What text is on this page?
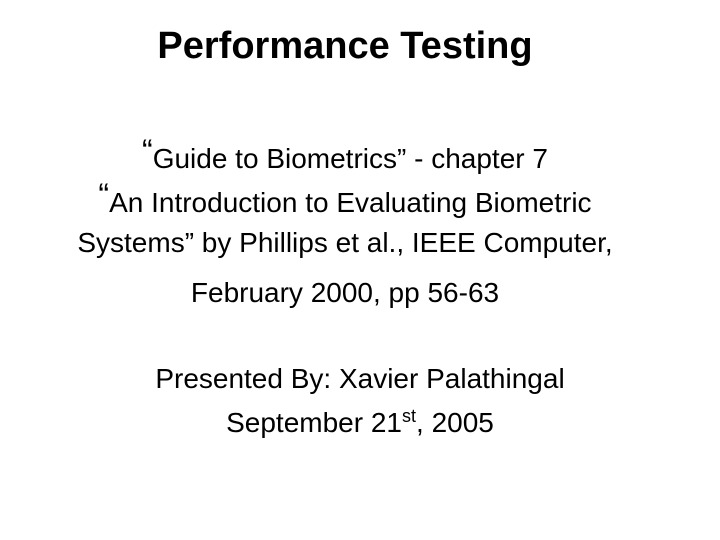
Performance Testing
“Guide to Biometrics” - chapter 7
“An Introduction to Evaluating Biometric
Systems” by Phillips et al., IEEE Computer,
February 2000, pp 56-63
Presented By: Xavier Palathingal
September 21st, 2005
